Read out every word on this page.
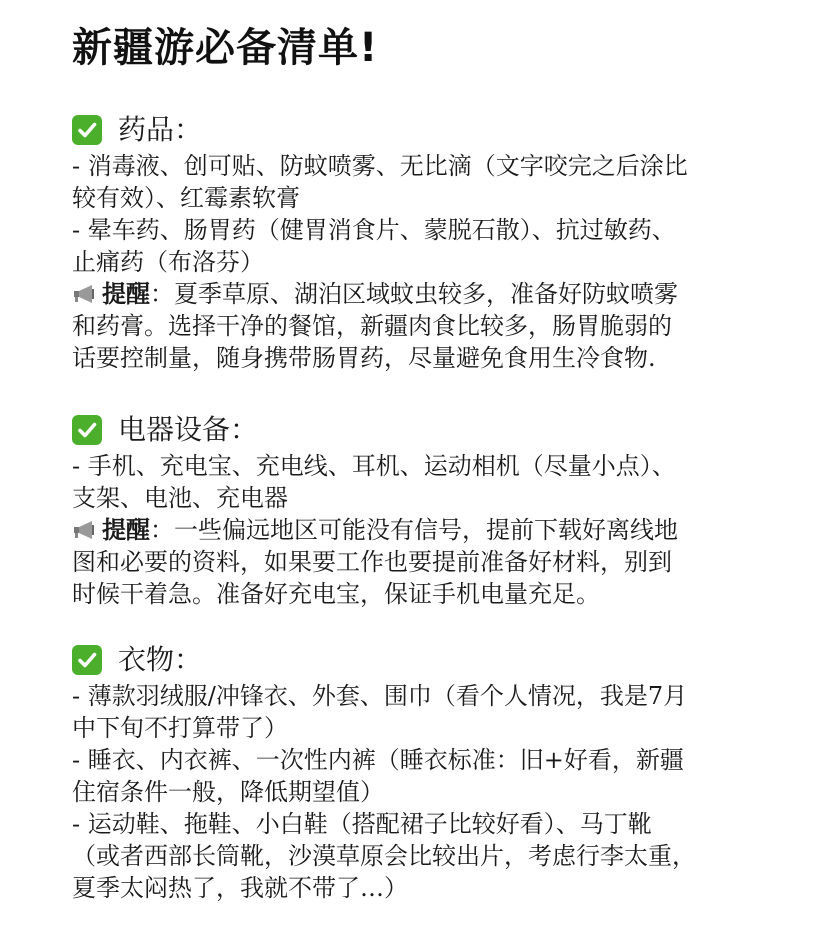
新疆游必备清单!
药品：
- 消毒液、创可贴、防蚊喷雾、无比滴（文字咬完之后涂比
较有效）、红霉素软膏
- 晕车药、肠胃药（健胃消食片、蒙脱石散）、抗过敏药、
止痛药（布洛芬）
提醒：夏季草原、湖泊区域蚊虫较多，准备好防蚊喷雾
和药膏。选择干净的餐馆，新疆肉食比较多，肠胃脆弱的
话要控制量，随身携带肠胃药，尽量避免食用生冷食物.
电器设备：
- 手机、充电宝、充电线、耳机、运动相机（尽量小点）、
支架、电池、充电器
提醒：一些偏远地区可能没有信号，提前下载好离线地
图和必要的资料，如果要工作也要提前准备好材料，别到
时候干着急。准备好充电宝，保证手机电量充足。
衣物：
- 薄款羽绒服/冲锋衣、外套、围巾（看个人情况，我是7月
中下旬不打算带了）
- 睡衣、内衣裤、一次性内裤（睡衣标准：旧+好看，新疆
住宿条件一般，降低期望值）
- 运动鞋、拖鞋、小白鞋（搭配裙子比较好看）、马丁靴
（或者西部长筒靴，沙漠草原会比较出片，考虑行李太重，
夏季太闷热了，我就不带了…）
